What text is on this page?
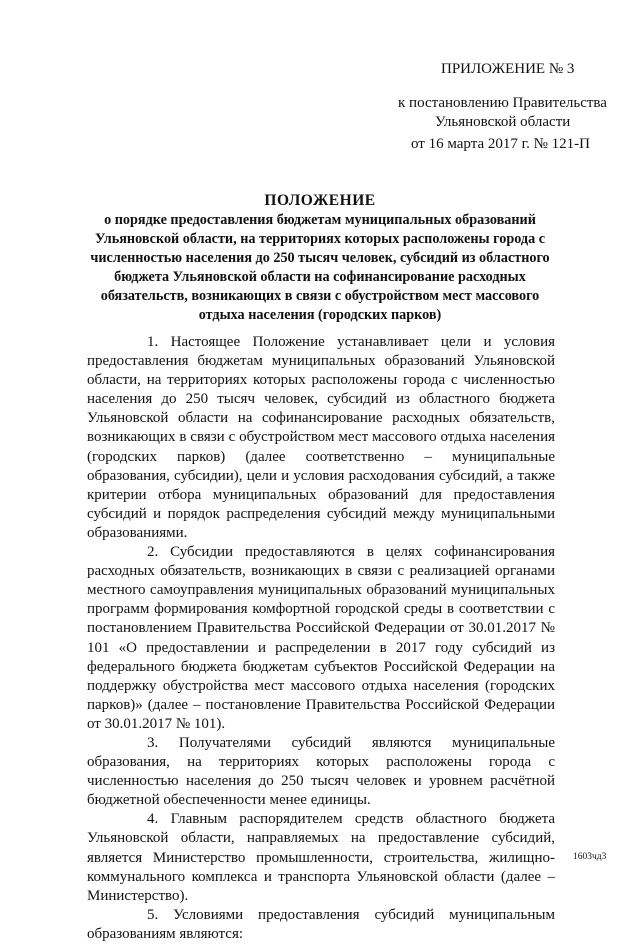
ПРИЛОЖЕНИЕ № 3
к постановлению Правительства
Ульяновской области
от 16 марта 2017 г. № 121-П
ПОЛОЖЕНИЕ
о порядке предоставления бюджетам муниципальных образований Ульяновской области, на территориях которых расположены города с численностью населения до 250 тысяч человек, субсидий из областного бюджета Ульяновской области на софинансирование расходных обязательств, возникающих в связи с обустройством мест массового отдыха населения (городских парков)

1. Настоящее Положение устанавливает цели и условия предоставления бюджетам муниципальных образований Ульяновской области, на территориях которых расположены города с численностью населения до 250 тысяч человек, субсидий из областного бюджета Ульяновской области на софинансирование расходных обязательств, возникающих в связи с обустройством мест массового отдыха населения (городских парков) (далее соответственно – муниципальные образования, субсидии), цели и условия расходования субсидий, а также критерии отбора муниципальных образований для предоставления субсидий и порядок распределения субсидий между муниципальными образованиями.

2. Субсидии предоставляются в целях софинансирования расходных обязательств, возникающих в связи с реализацией органами местного самоуправления муниципальных образований муниципальных программ формирования комфортной городской среды в соответствии с постановлением Правительства Российской Федерации от 30.01.2017 № 101 «О предоставлении и распределении в 2017 году субсидий из федерального бюджета бюджетам субъектов Российской Федерации на поддержку обустройства мест массового отдыха населения (городских парков)» (далее – постановление Правительства Российской Федерации от 30.01.2017 № 101).

3. Получателями субсидий являются муниципальные образования, на территориях которых расположены города с численностью населения до 250 тысяч человек и уровнем расчётной бюджетной обеспеченности менее единицы.

4. Главным распорядителем средств областного бюджета Ульяновской области, направляемых на предоставление субсидий, является Министерство промышленности, строительства, жилищно-коммунального комплекса и транспорта Ульяновской области (далее – Министерство).

5. Условиями предоставления субсидий муниципальным образованиям являются:

1603чд3
